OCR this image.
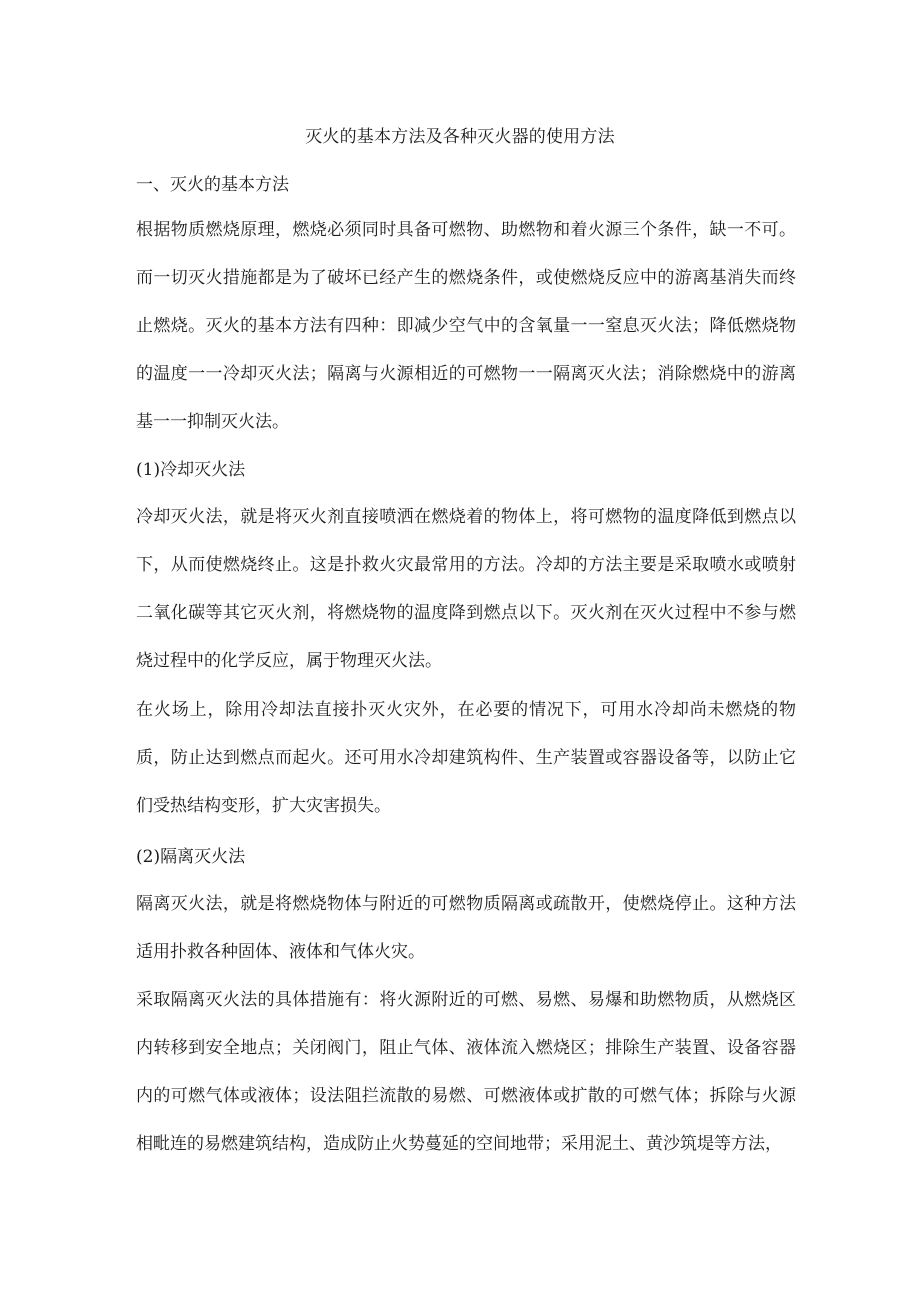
灭火的基本方法及各种灭火器的使用方法
一、灭火的基本方法
根据物质燃烧原理，燃烧必须同时具备可燃物、助燃物和着火源三个条件，缺一不可。而一切灭火措施都是为了破坏已经产生的燃烧条件，或使燃烧反应中的游离基消失而终止燃烧。灭火的基本方法有四种：即减少空气中的含氧量一一窒息灭火法；降低燃烧物的温度一一冷却灭火法；隔离与火源相近的可燃物一一隔离灭火法；消除燃烧中的游离基一一抑制灭火法。
(1)冷却灭火法
冷却灭火法，就是将灭火剂直接喷洒在燃烧着的物体上，将可燃物的温度降低到燃点以下，从而使燃烧终止。这是扑救火灾最常用的方法。冷却的方法主要是采取喷水或喷射二氧化碳等其它灭火剂，将燃烧物的温度降到燃点以下。灭火剂在灭火过程中不参与燃烧过程中的化学反应，属于物理灭火法。
在火场上，除用冷却法直接扑灭火灾外，在必要的情况下，可用水冷却尚未燃烧的物质，防止达到燃点而起火。还可用水冷却建筑构件、生产装置或容器设备等，以防止它们受热结构变形，扩大灾害损失。
(2)隔离灭火法
隔离灭火法，就是将燃烧物体与附近的可燃物质隔离或疏散开，使燃烧停止。这种方法适用扑救各种固体、液体和气体火灾。
采取隔离灭火法的具体措施有：将火源附近的可燃、易燃、易爆和助燃物质，从燃烧区内转移到安全地点；关闭阀门，阻止气体、液体流入燃烧区；排除生产装置、设备容器内的可燃气体或液体；设法阻拦流散的易燃、可燃液体或扩散的可燃气体；拆除与火源相毗连的易燃建筑结构，造成防止火势蔓延的空间地带；采用泥土、黄沙筑堤等方法，
